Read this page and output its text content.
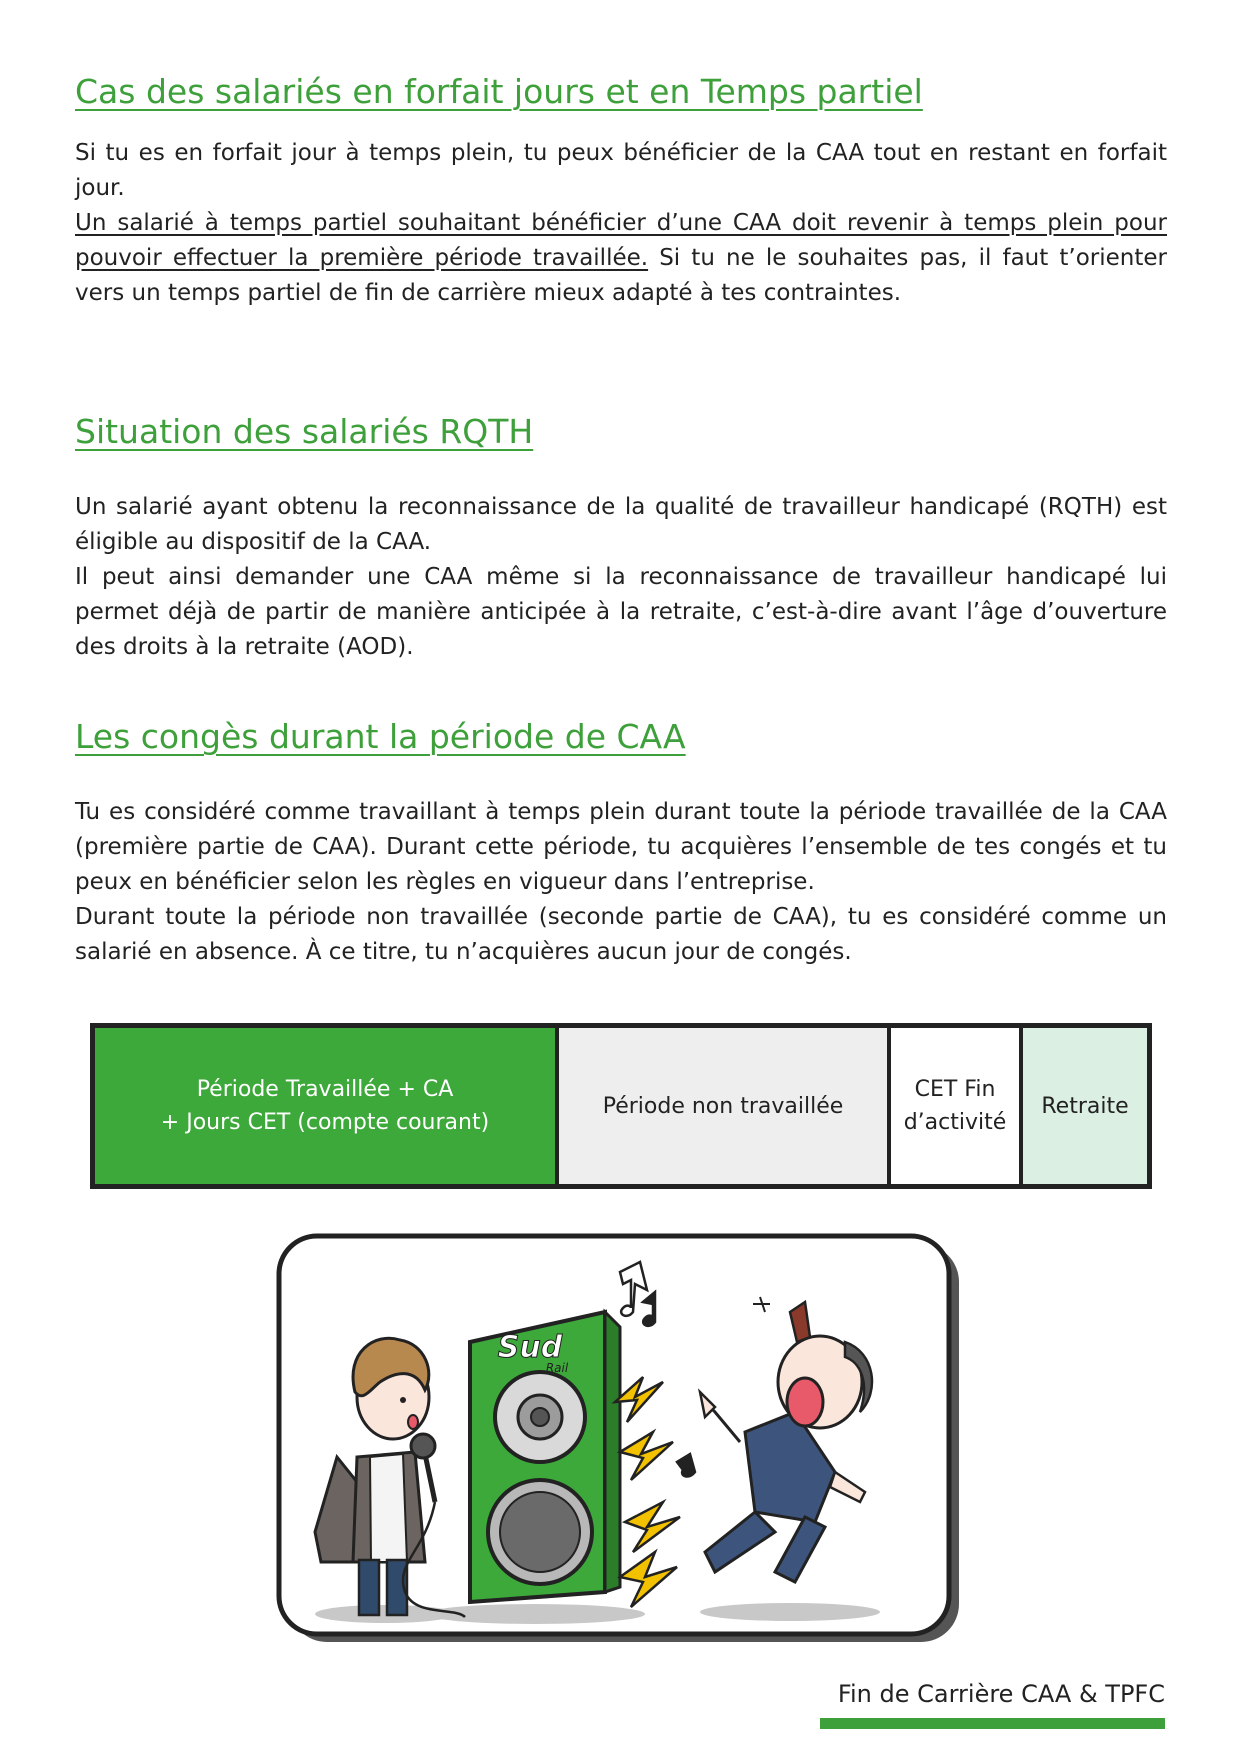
Cas des salariés en forfait jours et en Temps partiel

Si tu es en forfait jour à temps plein, tu peux bénéficier de la CAA tout en restant en forfait jour.

Un salarié à temps partiel souhaitant bénéficier d’une CAA doit revenir à temps plein pour pouvoir effectuer la première période travaillée. Si tu ne le souhaites pas, il faut t’orienter vers un temps partiel de fin de carrière mieux adapté à tes contraintes.

Situation des salariés RQTH

Un salarié ayant obtenu la reconnaissance de la qualité de travailleur handicapé (RQTH) est éligible au dispositif de la CAA.

Il peut ainsi demander une CAA même si la reconnaissance de travailleur handicapé lui permet déjà de partir de manière anticipée à la retraite, c’est-à-dire avant l’âge d’ouverture des droits à la retraite (AOD).

Les congès durant la période de CAA

Tu es considéré comme travaillant à temps plein durant toute la période travaillée de la CAA (première partie de CAA). Durant cette période, tu acquières l’ensemble de tes congés et tu peux en bénéficier selon les règles en vigueur dans l’entreprise.

Durant toute la période non travaillée (seconde partie de CAA), tu es considéré comme un salarié en absence. À ce titre, tu n’acquières aucun jour de congés.

Période Travaillée + CA
+ Jours CET (compte courant)
Période non travaillée
CET Fin
d’activité
Retraite
Sud
Rail
Fin de Carrière CAA & TPFC
